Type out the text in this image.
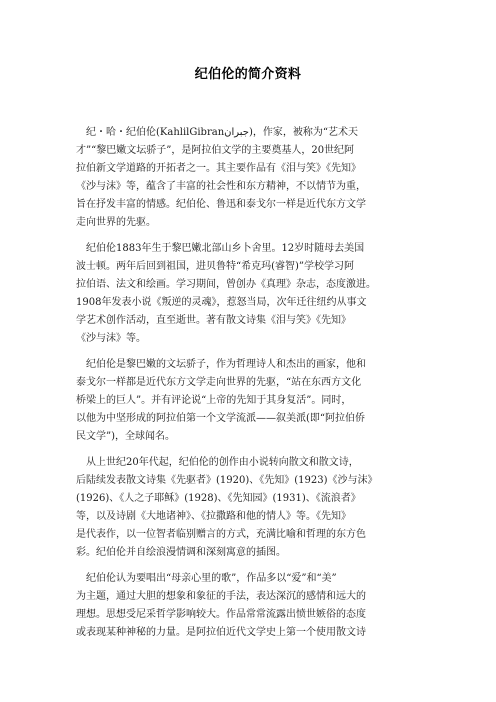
纪伯伦的简介资料
　纪・哈・纪伯伦(KahlilGibranجبران)，作家，被称为“艺术天
才”“黎巴嫩文坛骄子”，是阿拉伯文学的主要奠基人，20世纪阿
拉伯新文学道路的开拓者之一。其主要作品有《泪与笑》《先知》
《沙与沫》等，蕴含了丰富的社会性和东方精神，不以情节为重，
旨在抒发丰富的情感。纪伯伦、鲁迅和泰戈尔一样是近代东方文学
走向世界的先驱。
　纪伯伦1883年生于黎巴嫩北部山乡卜舍里。12岁时随母去美国
波士顿。两年后回到祖国，进贝鲁特“希克玛(睿智)”学校学习阿
拉伯语、法文和绘画。学习期间，曾创办《真理》杂志，态度激进。
1908年发表小说《叛逆的灵魂》，惹怒当局，次年迁往纽约从事文
学艺术创作活动，直至逝世。著有散文诗集《泪与笑》《先知》
《沙与沫》等。
　纪伯伦是黎巴嫩的文坛骄子，作为哲理诗人和杰出的画家，他和
泰戈尔一样都是近代东方文学走向世界的先驱，“站在东西方文化
桥梁上的巨人”。并有评论说“上帝的先知于其身复活”。同时，
以他为中坚形成的阿拉伯第一个文学流派——叙美派(即“阿拉伯侨
民文学”)，全球闻名。
　从上世纪20年代起，纪伯伦的创作由小说转向散文和散文诗，
后陆续发表散文诗集《先驱者》(1920)、《先知》(1923)《沙与沫》
(1926)、《人之子耶稣》(1928)、《先知园》(1931)、《流浪者》
等，以及诗剧《大地诸神》、《拉撒路和他的情人》等。《先知》
是代表作，以一位智者临别赠言的方式，充满比喻和哲理的东方色
彩。纪伯伦并自绘浪漫情调和深刻寓意的插图。
　纪伯伦认为要唱出“母亲心里的歌”，作品多以“爱”和“美”
为主题，通过大胆的想象和象征的手法，表达深沉的感情和远大的
理想。思想受尼采哲学影响较大。作品常常流露出愤世嫉俗的态度
或表现某种神秘的力量。是阿拉伯近代文学史上第一个使用散文诗
